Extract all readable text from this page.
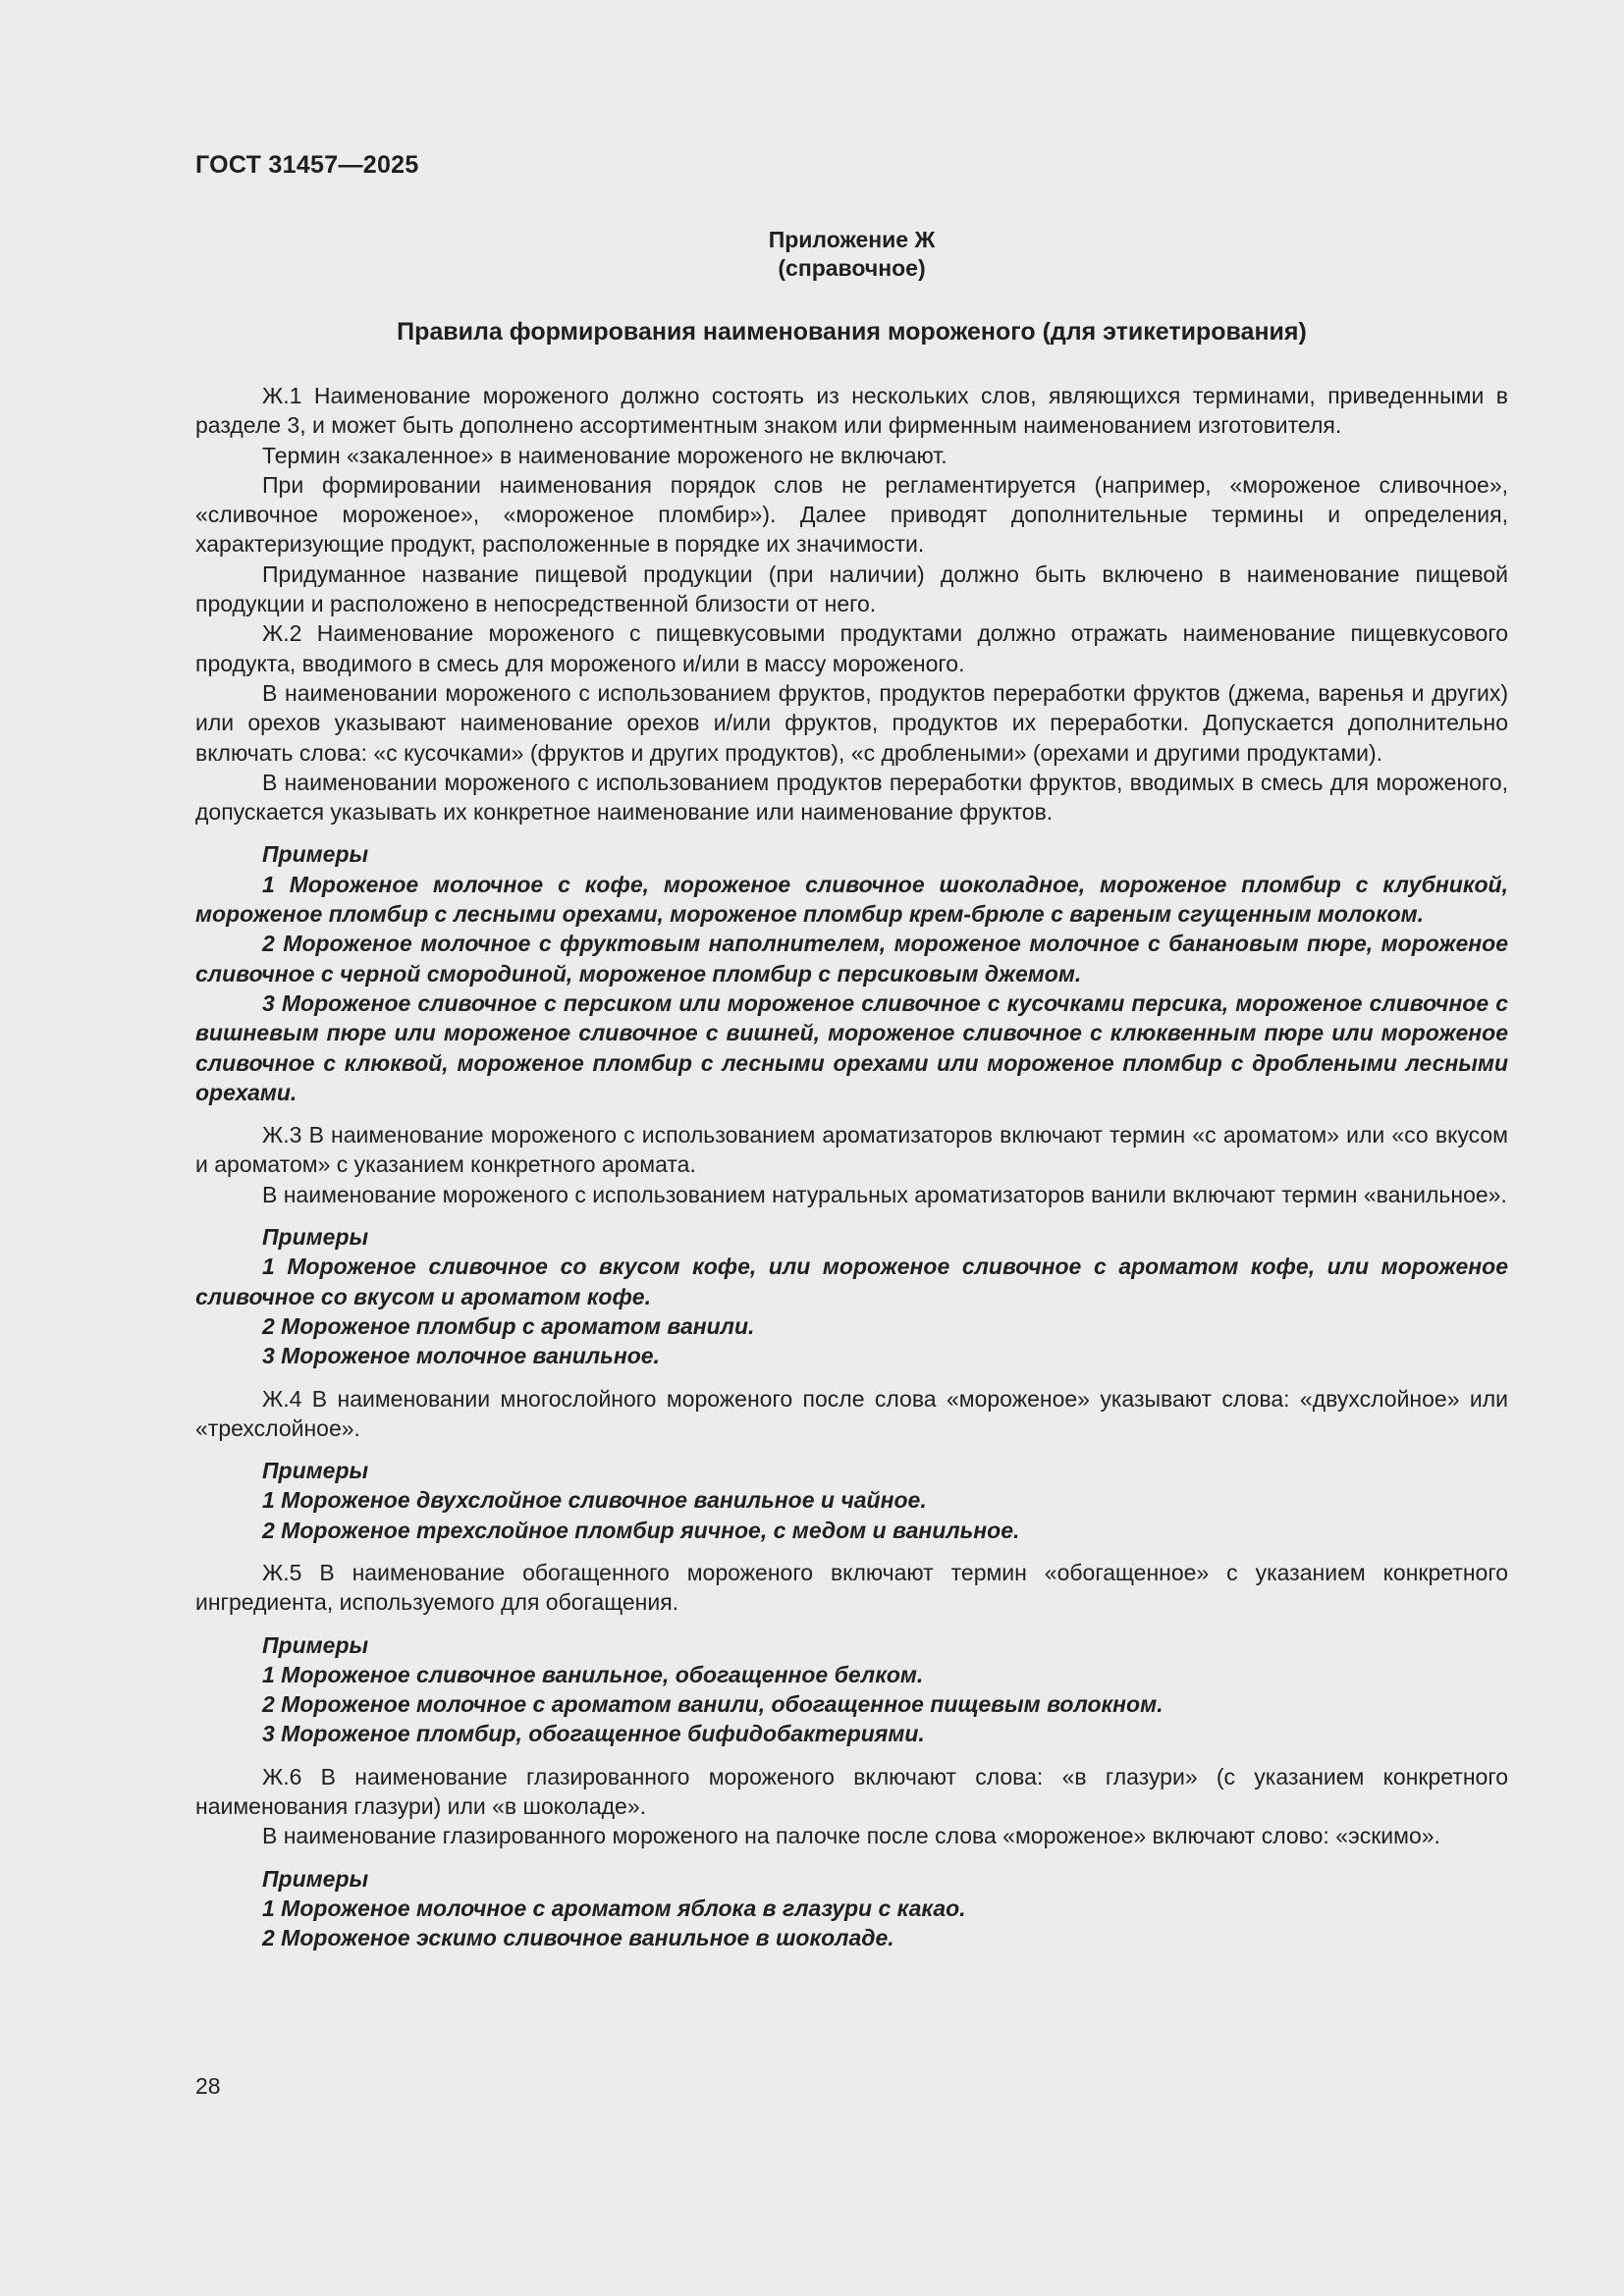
ГОСТ 31457—2025
Приложение Ж
(справочное)
Правила формирования наименования мороженого (для этикетирования)

Ж.1 Наименование мороженого должно состоять из нескольких слов, являющихся терминами, приведенными в разделе 3, и может быть дополнено ассортиментным знаком или фирменным наименованием изготовителя.

Термин «закаленное» в наименование мороженого не включают.

При формировании наименования порядок слов не регламентируется (например, «мороженое сливочное», «сливочное мороженое», «мороженое пломбир»). Далее приводят дополнительные термины и определения, характеризующие продукт, расположенные в порядке их значимости.

Придуманное название пищевой продукции (при наличии) должно быть включено в наименование пищевой продукции и расположено в непосредственной близости от него.

Ж.2 Наименование мороженого с пищевкусовыми продуктами должно отражать наименование пищевкусового продукта, вводимого в смесь для мороженого и/или в массу мороженого.

В наименовании мороженого с использованием фруктов, продуктов переработки фруктов (джема, варенья и других) или орехов указывают наименование орехов и/или фруктов, продуктов их переработки. Допускается дополнительно включать слова: «с кусочками» (фруктов и других продуктов), «с дроблеными» (орехами и другими продуктами).

В наименовании мороженого с использованием продуктов переработки фруктов, вводимых в смесь для мороженого, допускается указывать их конкретное наименование или наименование фруктов.

Примеры

1 Мороженое молочное с кофе, мороженое сливочное шоколадное, мороженое пломбир с клубникой, мороженое пломбир с лесными орехами, мороженое пломбир крем-брюле с вареным сгущенным молоком.

2 Мороженое молочное с фруктовым наполнителем, мороженое молочное с банановым пюре, мороженое сливочное с черной смородиной, мороженое пломбир с персиковым джемом.

3 Мороженое сливочное с персиком или мороженое сливочное с кусочками персика, мороженое сливочное с вишневым пюре или мороженое сливочное с вишней, мороженое сливочное с клюквенным пюре или мороженое сливочное с клюквой, мороженое пломбир с лесными орехами или мороженое пломбир с дроблеными лесными орехами.

Ж.3 В наименование мороженого с использованием ароматизаторов включают термин «с ароматом» или «со вкусом и ароматом» с указанием конкретного аромата.

В наименование мороженого с использованием натуральных ароматизаторов ванили включают термин «ванильное».

Примеры

1 Мороженое сливочное со вкусом кофе, или мороженое сливочное с ароматом кофе, или мороженое сливочное со вкусом и ароматом кофе.

2 Мороженое пломбир с ароматом ванили.

3 Мороженое молочное ванильное.

Ж.4 В наименовании многослойного мороженого после слова «мороженое» указывают слова: «двухслойное» или «трехслойное».

Примеры

1 Мороженое двухслойное сливочное ванильное и чайное.

2 Мороженое трехслойное пломбир яичное, с медом и ванильное.

Ж.5 В наименование обогащенного мороженого включают термин «обогащенное» с указанием конкретного ингредиента, используемого для обогащения.

Примеры

1 Мороженое сливочное ванильное, обогащенное белком.

2 Мороженое молочное с ароматом ванили, обогащенное пищевым волокном.

3 Мороженое пломбир, обогащенное бифидобактериями.

Ж.6 В наименование глазированного мороженого включают слова: «в глазури» (с указанием конкретного наименования глазури) или «в шоколаде».

В наименование глазированного мороженого на палочке после слова «мороженое» включают слово: «эскимо».

Примеры

1 Мороженое молочное с ароматом яблока в глазури с какао.

2 Мороженое эскимо сливочное ванильное в шоколаде.

28
